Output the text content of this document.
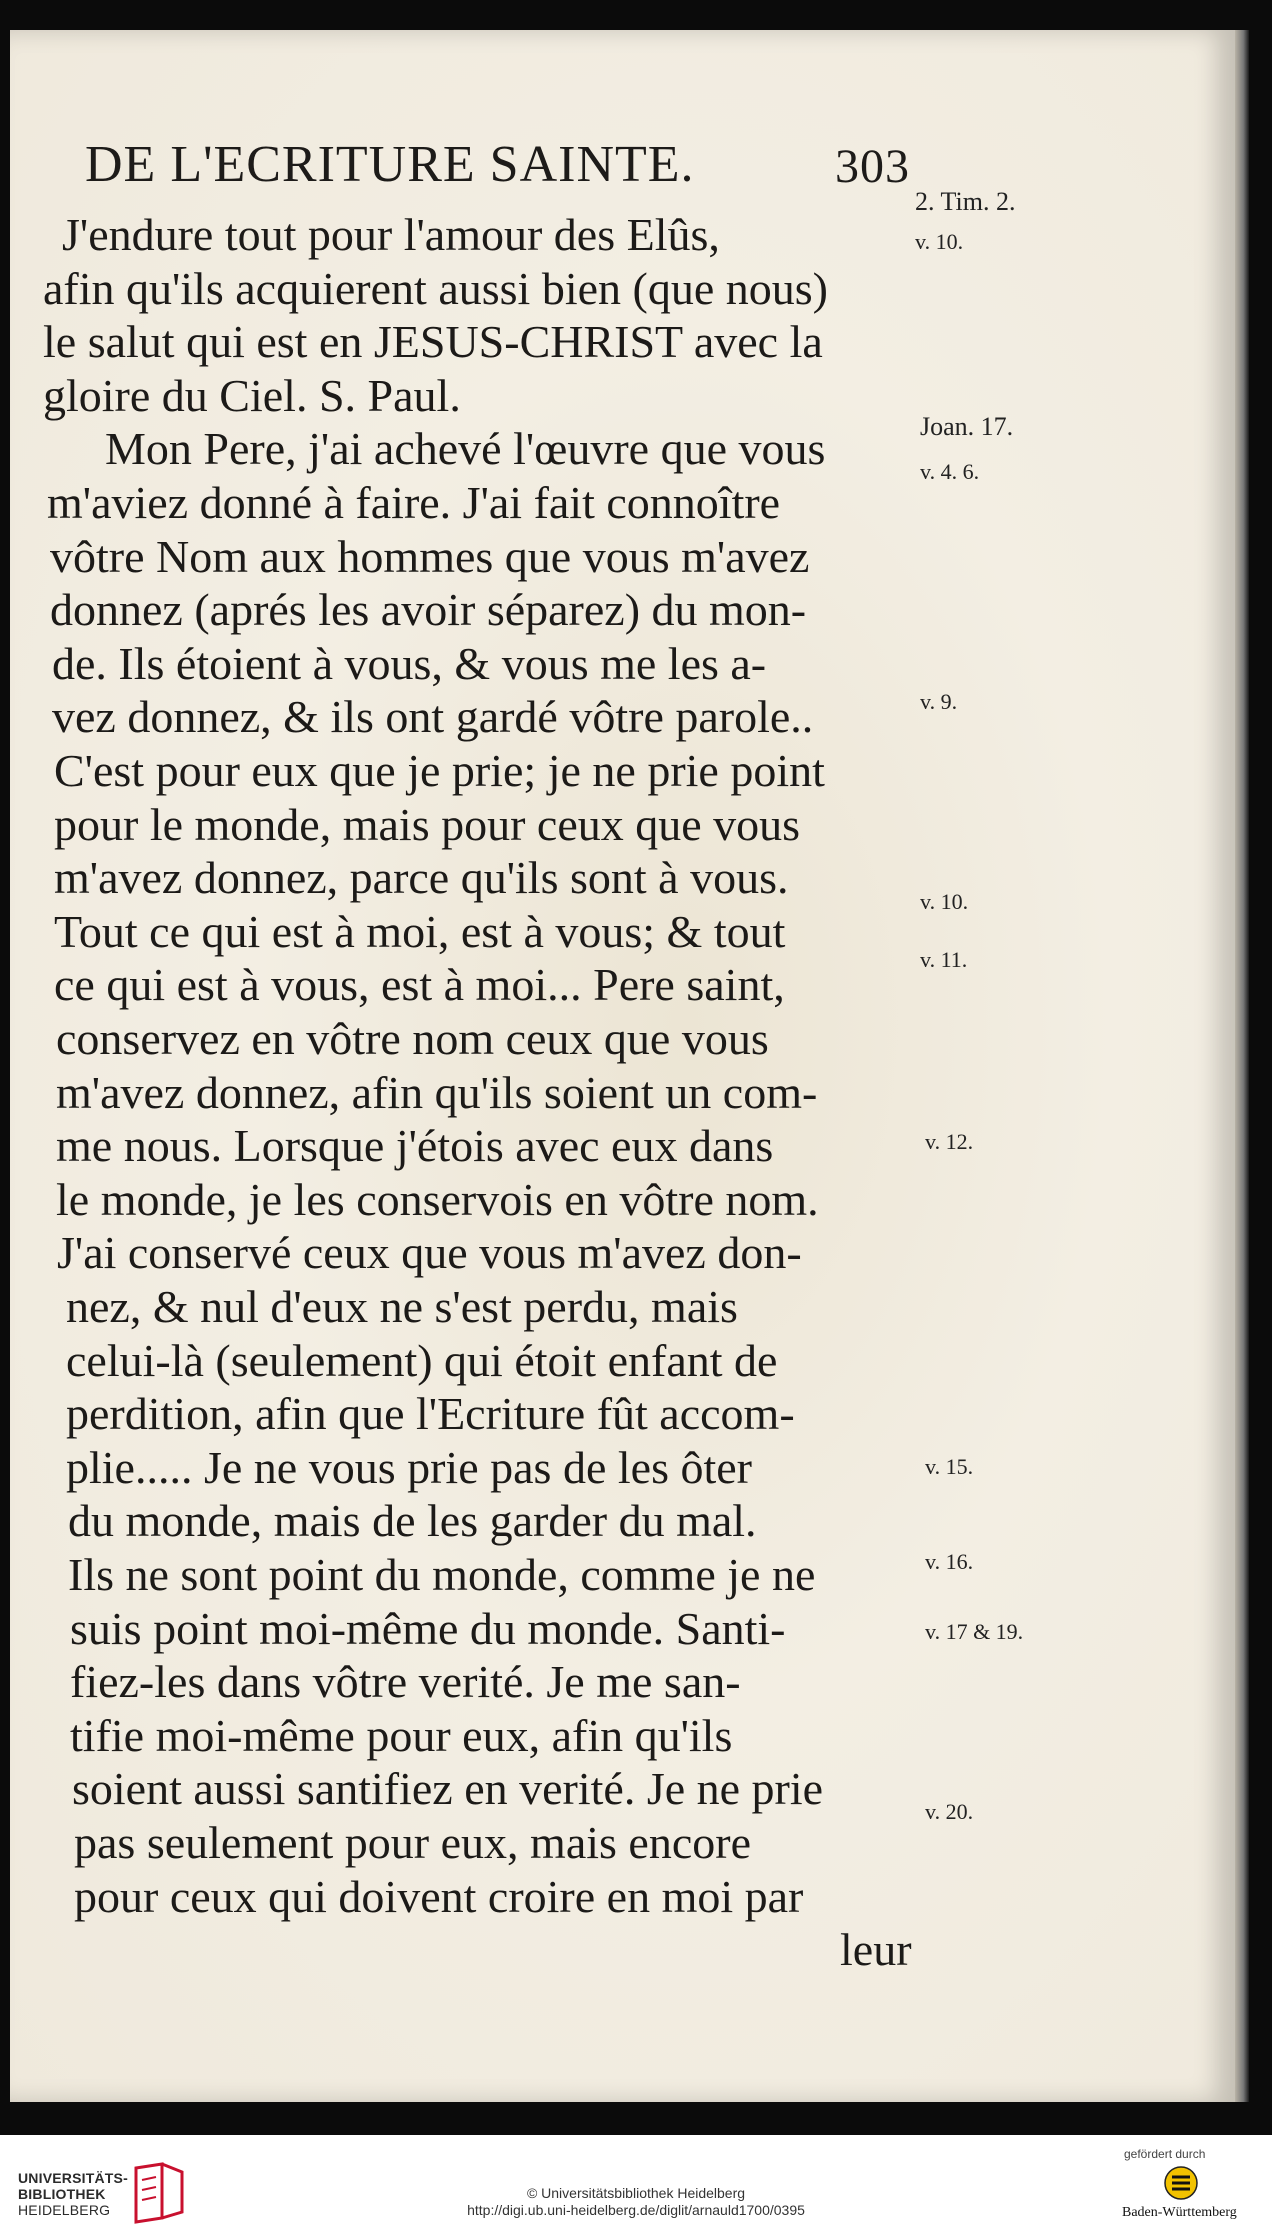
DE L'ECRITURE SAINTE.	303
J'endure tout pour l'amour des Elûs,
afin qu'ils acquierent aussi bien (que nous)
le salut qui est en JESUS-CHRIST avec la
gloire du Ciel. S. Paul.
Mon Pere, j'ai achevé l'œuvre que vous
m'aviez donné à faire. J'ai fait connoître
vôtre Nom aux hommes que vous m'avez
donnez (aprés les avoir séparez) du mon-
de. Ils étoient à vous, & vous me les a-
vez donnez, & ils ont gardé vôtre parole..
C'est pour eux que je prie; je ne prie point
pour le monde, mais pour ceux que vous
m'avez donnez, parce qu'ils sont à vous.
Tout ce qui est à moi, est à vous; & tout
ce qui est à vous, est à moi... Pere saint,
conservez en vôtre nom ceux que vous
m'avez donnez, afin qu'ils soient un com-
me nous. Lorsque j'étois avec eux dans
le monde, je les conservois en vôtre nom.
J'ai conservé ceux que vous m'avez don-
nez, & nul d'eux ne s'est perdu, mais
celui-là (seulement) qui étoit enfant de
perdition, afin que l'Ecriture fût accom-
plie..... Je ne vous prie pas de les ôter
du monde, mais de les garder du mal.
Ils ne sont point du monde, comme je ne
suis point moi-même du monde. Santi-
fiez-les dans vôtre verité. Je me san-
tifie moi-même pour eux, afin qu'ils
soient aussi santifiez en verité. Je ne prie
pas seulement pour eux, mais encore
pour ceux qui doivent croire en moi par
leur
2. Tim. 2.
v. 10.
Joan. 17.
v. 4. 6.
v. 9.
v. 10.
v. 11.
v. 12.
v. 15.
v. 16.
v. 17 & 19.
v. 20.
UNIVERSITÄTS-
BIBLIOTHEK
HEIDELBERG
© Universitätsbibliothek Heidelberg
http://digi.ub.uni-heidelberg.de/diglit/arnauld1700/0395
gefördert durch
Baden-Württemberg
